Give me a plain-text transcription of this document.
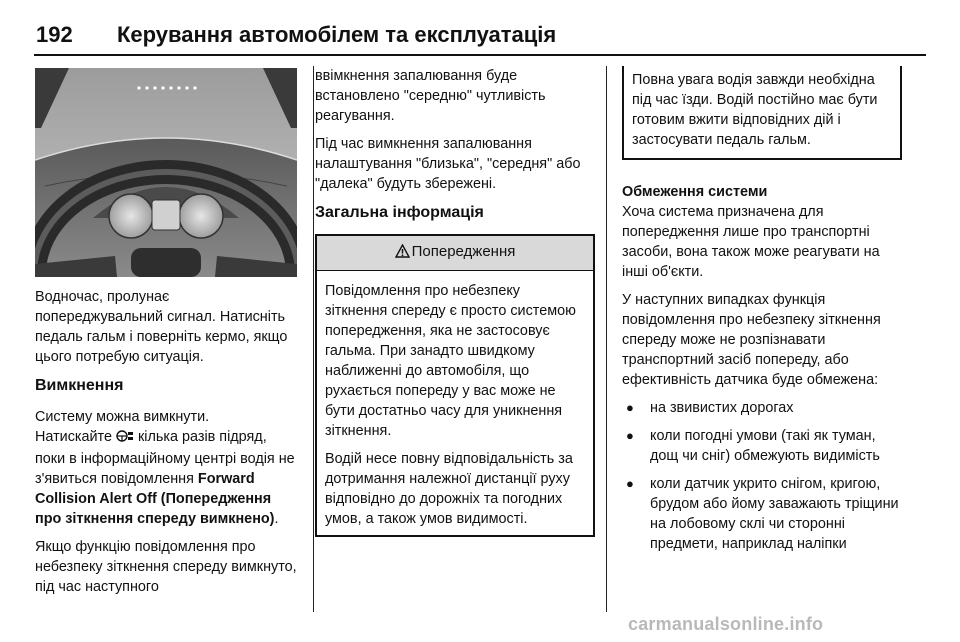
192 Керування автомобілем та експлуатація

Водночас, пролунає попереджувальний сигнал. Натисніть педаль гальм і поверніть кермо, якщо цього потребую ситуація.

Вимкнення

Системy можна вимкнути.

Натискайте кілька разів підряд, поки в інформаційному центрі водія не з'явиться повідомлення Forward Collision Alert Off (Попередження про зіткнення спереду вимкнено).

Якщо функцію повідомлення про небезпеку зіткнення спереду вимкнуто, під час наступного

ввімкнення запалювання буде встановлено "середню" чутливість реагування.

Під час вимкнення запалювання налаштування "близька", "середня" або "далека" будуть збережені.

Загальна інформація
Попередження

Повідомлення про небезпеку зіткнення спереду є просто системою попередження, яка не застосовує гальма. При занадто швидкому наближенні до автомобіля, що рухається попереду у вас може не бути достатньо часу для уникнення зіткнення.

Водій несе повну відповідальність за дотримання належної дистанції руху відповідно до дорожніх та погодних умов, а також умов видимості.

Повна увага водія завжди необхідна під час їзди. Водій постійно має бути готовим вжити відповідних дій і застосувати педаль гальм.

Обмеження системи

Хоча система призначена для попередження лише про транспортні засоби, вона також може реагувати на інші об'єкти.

У наступних випадках функція повідомлення про небезпеку зіткнення спереду може не розпізнавати транспортний засіб попереду, або ефективність датчика буде обмежена:

● на звивистих дорогах
● коли погодні умови (такі як туман, дощ чи сніг) обмежують видимість
● коли датчик укрито снігом, кригою, брудом або йому заважають тріщини на лобовому склі чи сторонні предмети, наприклад наліпки
carmanualsonline.info
